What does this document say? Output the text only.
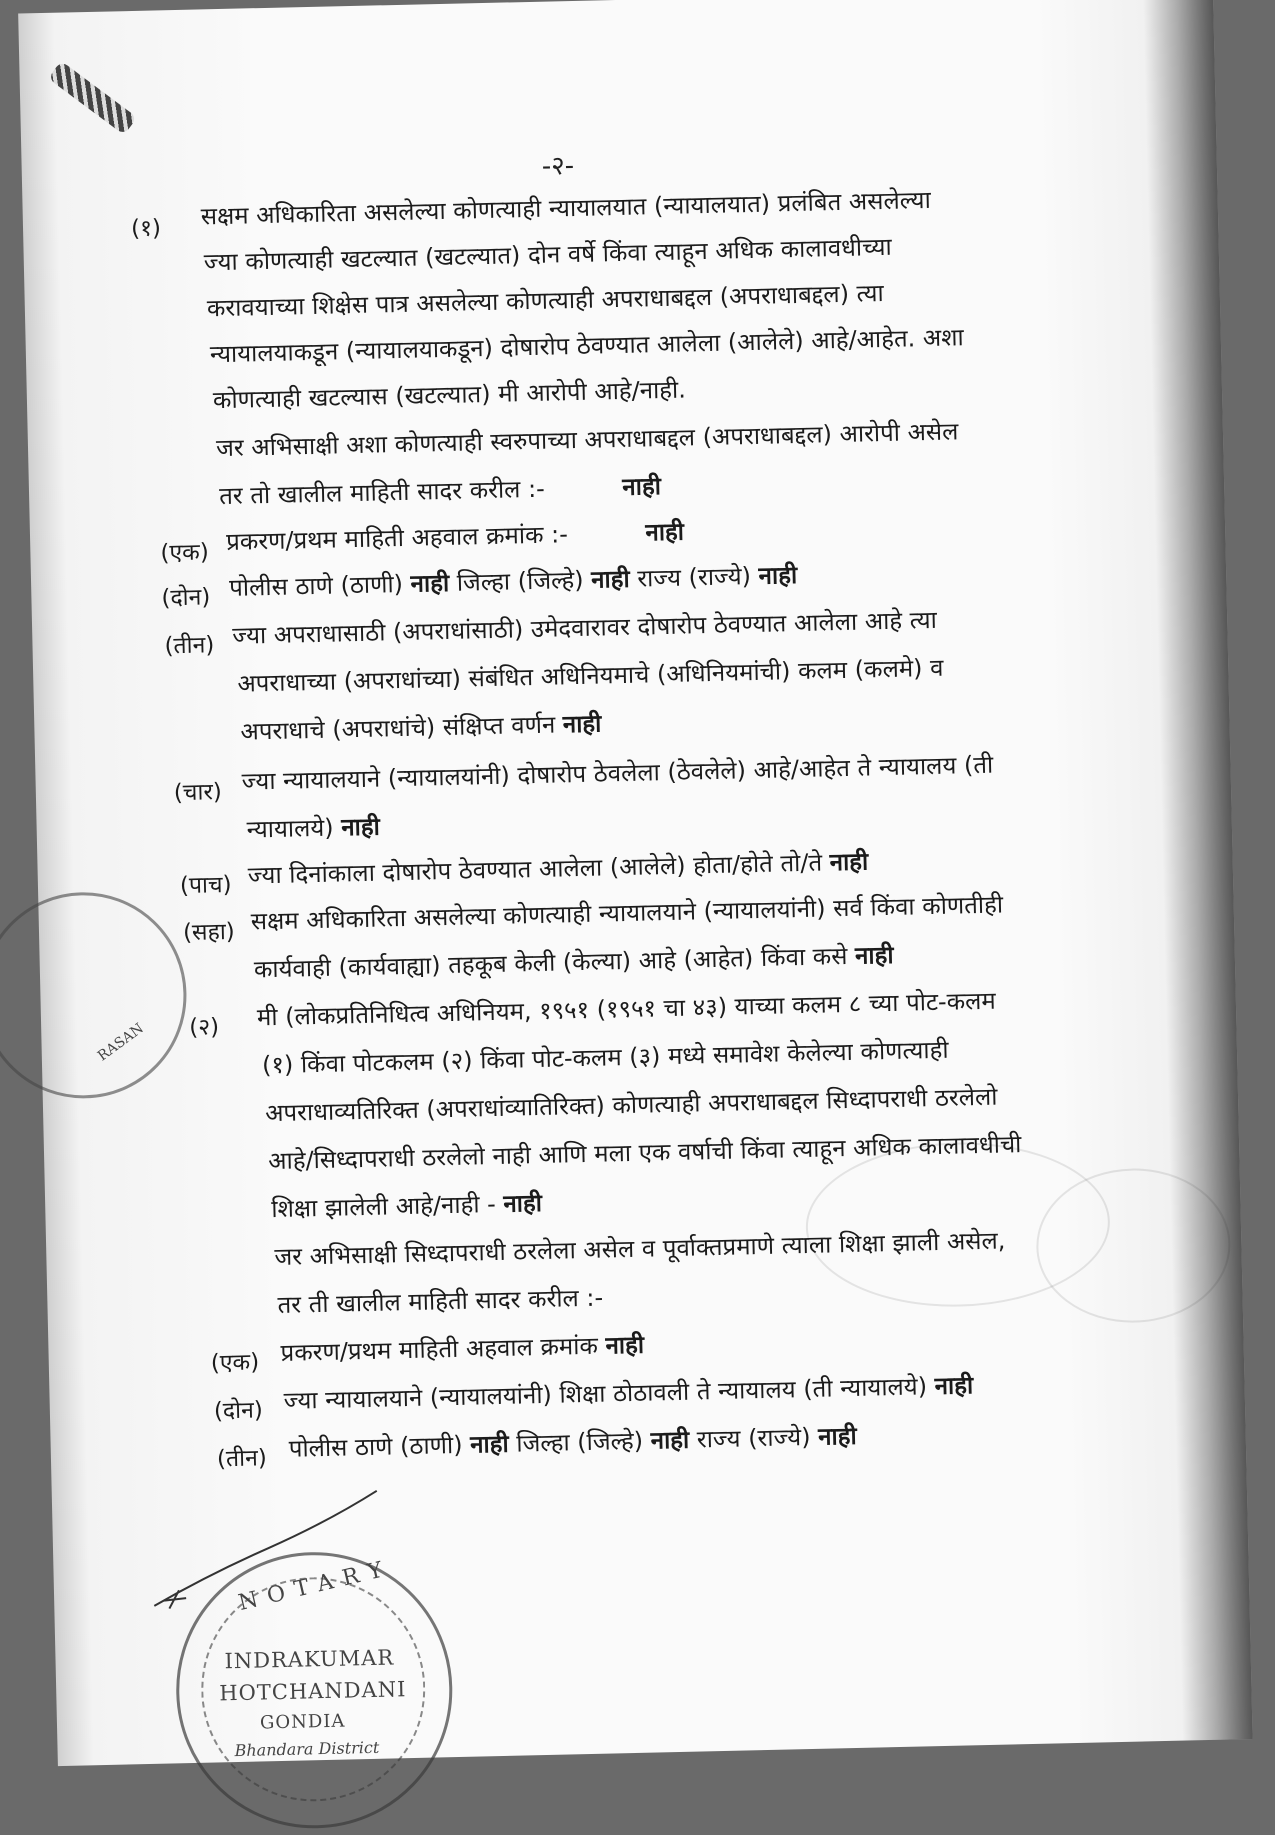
-२-
(१) सक्षम अधिकारिता असलेल्या कोणत्याही न्यायालयात (न्यायालयात) प्रलंबित असलेल्या
ज्या कोणत्याही खटल्यात (खटल्यात) दोन वर्षे किंवा त्याहून अधिक कालावधीच्या
करावयाच्या शिक्षेस पात्र असलेल्या कोणत्याही अपराधाबद्दल (अपराधाबद्दल) त्या
न्यायालयाकडून (न्यायालयाकडून) दोषारोप ठेवण्यात आलेला (आलेले) आहे/आहेत. अशा
कोणत्याही खटल्यास (खटल्यात) मी आरोपी आहे/नाही.
जर अभिसाक्षी अशा कोणत्याही स्वरुपाच्या अपराधाबद्दल (अपराधाबद्दल) आरोपी असेल
तर तो खालील माहिती सादर करील :-	नाही
(एक) प्रकरण/प्रथम माहिती अहवाल क्रमांक :-	नाही
(दोन) पोलीस ठाणे (ठाणी) नाही जिल्हा (जिल्हे) नाही राज्य (राज्ये) नाही
(तीन) ज्या अपराधासाठी (अपराधांसाठी) उमेदवारावर दोषारोप ठेवण्यात आलेला आहे त्या
अपराधाच्या (अपराधांच्या) संबंधित अधिनियमाचे (अधिनियमांची) कलम (कलमे) व
अपराधाचे (अपराधांचे) संक्षिप्त वर्णन नाही
(चार) ज्या न्यायालयाने (न्यायालयांनी) दोषारोप ठेवलेला (ठेवलेले) आहे/आहेत ते न्यायालय (ती
न्यायालये) नाही
(पाच) ज्या दिनांकाला दोषारोप ठेवण्यात आलेला (आलेले) होता/होते तो/ते नाही
(सहा) सक्षम अधिकारिता असलेल्या कोणत्याही न्यायालयाने (न्यायालयांनी) सर्व किंवा कोणतीही
कार्यवाही (कार्यवाह्या) तहकूब केली (केल्या) आहे (आहेत) किंवा कसे नाही
(२) मी (लोकप्रतिनिधित्व अधिनियम, १९५१ (१९५१ चा ४३) याच्या कलम ८ च्या पोट-कलम
(१) किंवा पोटकलम (२) किंवा पोट-कलम (३) मध्ये समावेश केलेल्या कोणत्याही
अपराधाव्यतिरिक्त (अपराधांव्यातिरिक्त) कोणत्याही अपराधाबद्दल सिध्दापराधी ठरलेलो
आहे/सिध्दापराधी ठरलेलो नाही आणि मला एक वर्षाची किंवा त्याहून अधिक कालावधीची
शिक्षा झालेली आहे/नाही - नाही
जर अभिसाक्षी सिध्दापराधी ठरलेला असेल व पूर्वाक्तप्रमाणे त्याला शिक्षा झाली असेल,
तर ती खालील माहिती सादर करील :-
(एक) प्रकरण/प्रथम माहिती अहवाल क्रमांक नाही
(दोन) ज्या न्यायालयाने (न्यायालयांनी) शिक्षा ठोठावली ते न्यायालय (ती न्यायालये) नाही
(तीन) पोलीस ठाणे (ठाणी) नाही जिल्हा (जिल्हे) नाही राज्य (राज्ये) नाही
RASAN
NOTARY
INDRAKUMAR
HOTCHANDANI
GONDIA
Bhandara District
